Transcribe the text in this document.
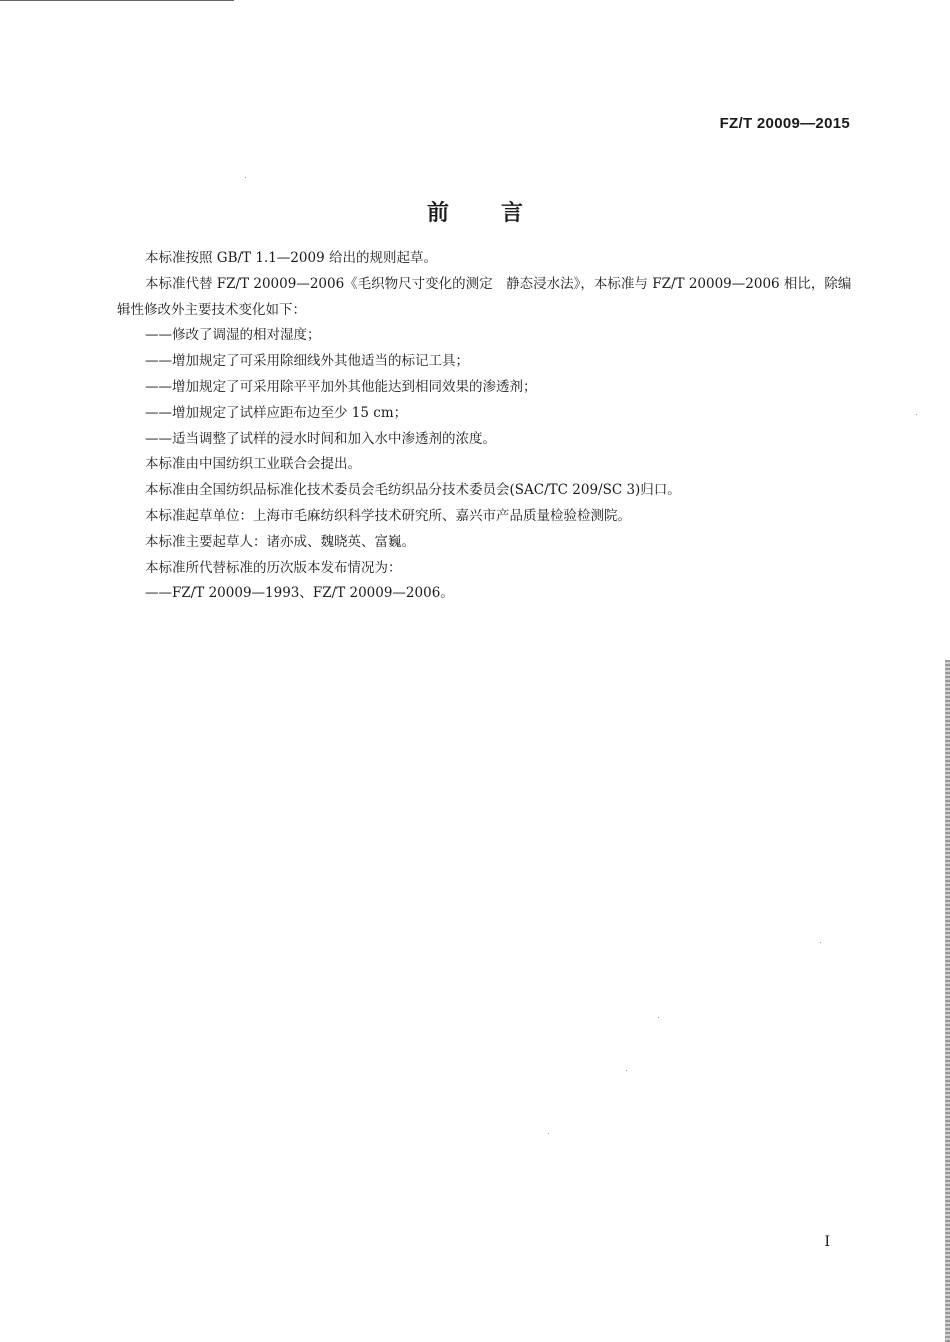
FZ/T 20009—2015
前言

本标准按照 GB/T 1.1—2009 给出的规则起草。

本标准代替 FZ/T 20009—2006《毛织物尺寸变化的测定　静态浸水法》，本标准与 FZ/T 20009—2006 相比，除编辑性修改外主要技术变化如下：

——修改了调湿的相对湿度；

——增加规定了可采用除细线外其他适当的标记工具；

——增加规定了可采用除平平加外其他能达到相同效果的渗透剂；

——增加规定了试样应距布边至少 15 cm；

——适当调整了试样的浸水时间和加入水中渗透剂的浓度。

本标准由中国纺织工业联合会提出。

本标准由全国纺织品标准化技术委员会毛纺织品分技术委员会(SAC/TC 209/SC 3)归口。

本标准起草单位：上海市毛麻纺织科学技术研究所、嘉兴市产品质量检验检测院。

本标准主要起草人：诸亦成、魏晓英、富巍。

本标准所代替标准的历次版本发布情况为：

——FZ/T 20009—1993、FZ/T 20009—2006。

I
